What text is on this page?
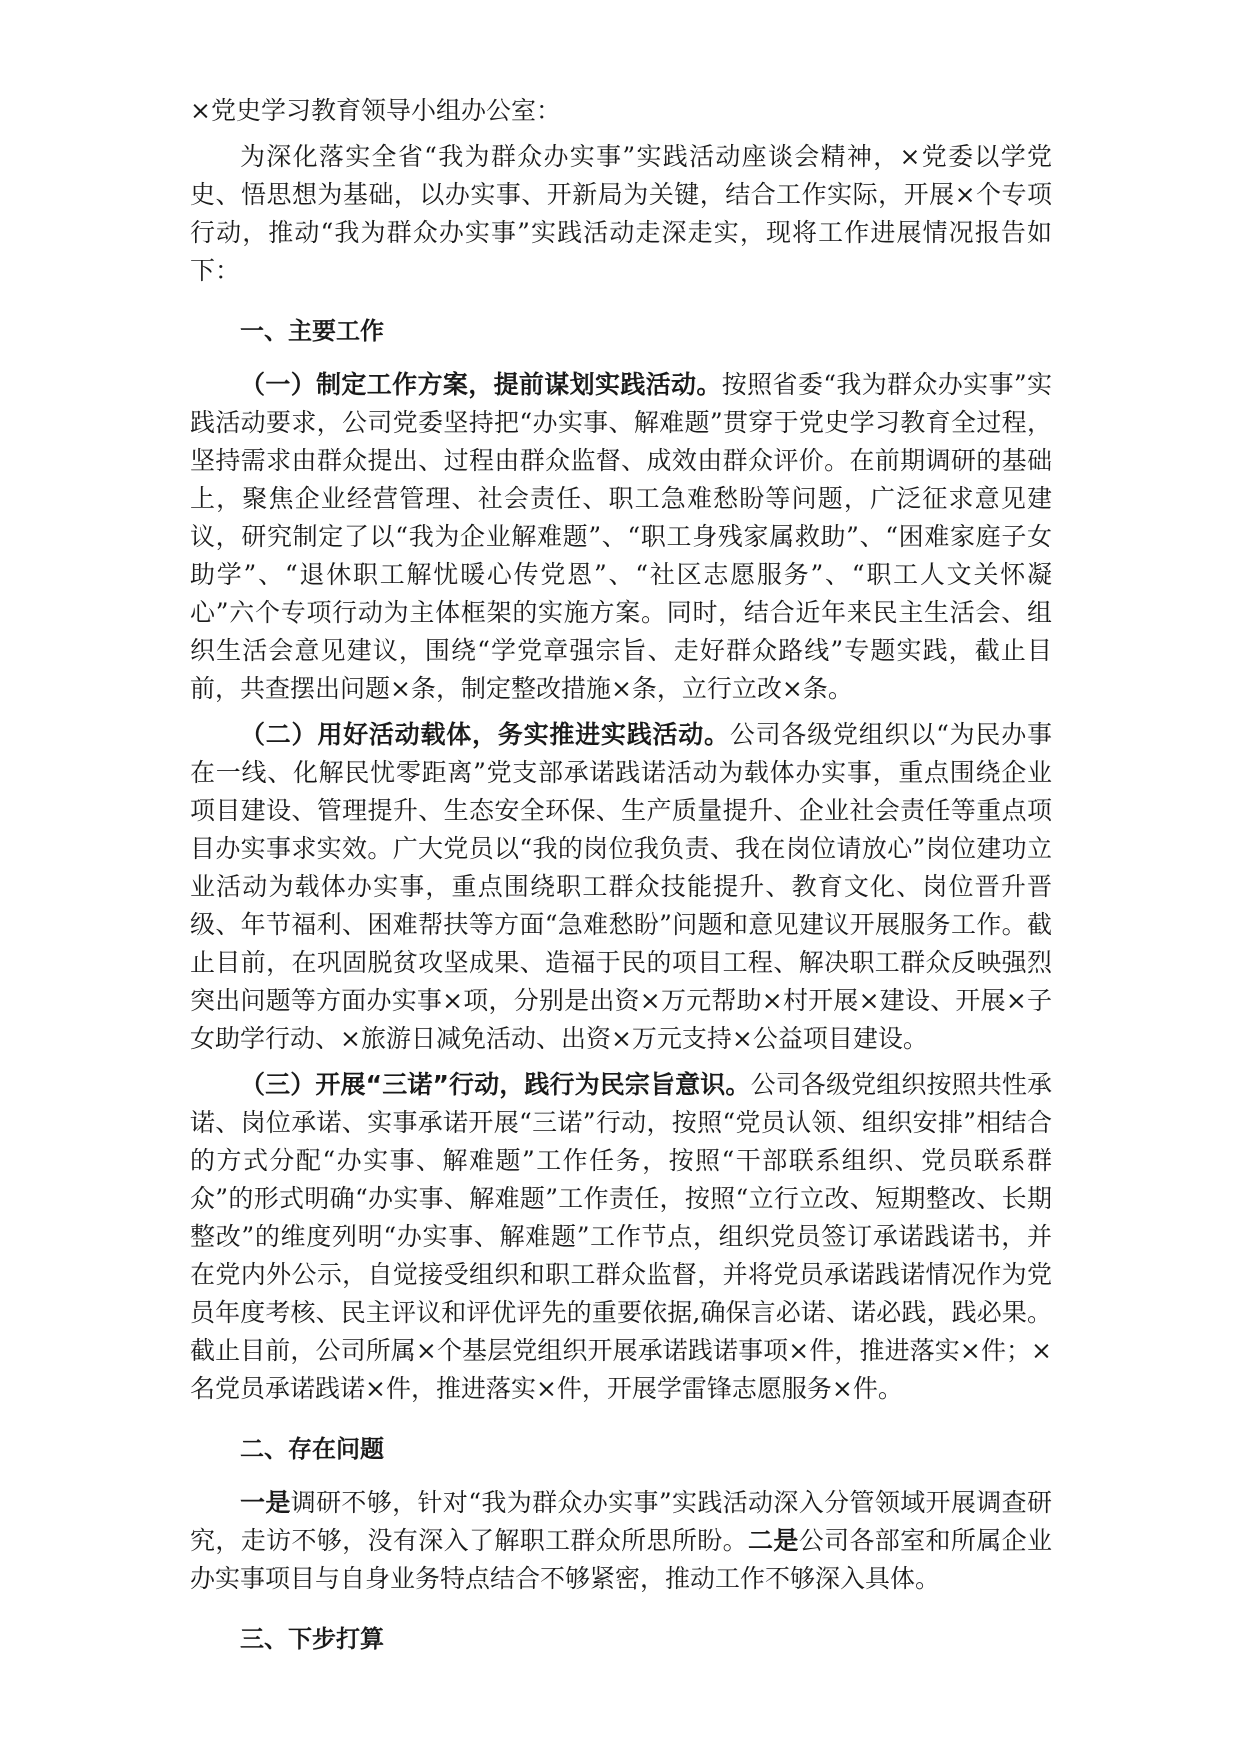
×党史学习教育领导小组办公室：

为深化落实全省“我为群众办实事”实践活动座谈会精神，×党委以学党史、悟思想为基础，以办实事、开新局为关键，结合工作实际，开展×个专项行动，推动“我为群众办实事”实践活动走深走实，现将工作进展情况报告如下：

一、主要工作

（一）制定工作方案，提前谋划实践活动。按照省委“我为群众办实事”实践活动要求，公司党委坚持把“办实事、解难题”贯穿于党史学习教育全过程，坚持需求由群众提出、过程由群众监督、成效由群众评价。在前期调研的基础上，聚焦企业经营管理、社会责任、职工急难愁盼等问题，广泛征求意见建议，研究制定了以“我为企业解难题”、“职工身残家属救助”、“困难家庭子女助学”、“退休职工解忧暖心传党恩”、“社区志愿服务”、“职工人文关怀凝心”六个专项行动为主体框架的实施方案。同时，结合近年来民主生活会、组织生活会意见建议，围绕“学党章强宗旨、走好群众路线”专题实践，截止目前，共查摆出问题×条，制定整改措施×条，立行立改×条。

（二）用好活动载体，务实推进实践活动。公司各级党组织以“为民办事在一线、化解民忧零距离”党支部承诺践诺活动为载体办实事，重点围绕企业项目建设、管理提升、生态安全环保、生产质量提升、企业社会责任等重点项目办实事求实效。广大党员以“我的岗位我负责、我在岗位请放心”岗位建功立业活动为载体办实事，重点围绕职工群众技能提升、教育文化、岗位晋升晋级、年节福利、困难帮扶等方面“急难愁盼”问题和意见建议开展服务工作。截止目前，在巩固脱贫攻坚成果、造福于民的项目工程、解决职工群众反映强烈突出问题等方面办实事×项，分别是出资×万元帮助×村开展×建设、开展×子女助学行动、×旅游日减免活动、出资×万元支持×公益项目建设。

（三）开展“三诺”行动，践行为民宗旨意识。公司各级党组织按照共性承诺、岗位承诺、实事承诺开展“三诺”行动，按照“党员认领、组织安排”相结合的方式分配“办实事、解难题”工作任务，按照“干部联系组织、党员联系群众”的形式明确“办实事、解难题”工作责任，按照“立行立改、短期整改、长期整改”的维度列明“办实事、解难题”工作节点，组织党员签订承诺践诺书，并在党内外公示，自觉接受组织和职工群众监督，并将党员承诺践诺情况作为党员年度考核、民主评议和评优评先的重要依据,确保言必诺、诺必践，践必果。截止目前，公司所属×个基层党组织开展承诺践诺事项×件，推进落实×件；×名党员承诺践诺×件，推进落实×件，开展学雷锋志愿服务×件。

二、存在问题

一是调研不够，针对“我为群众办实事”实践活动深入分管领域开展调查研究，走访不够，没有深入了解职工群众所思所盼。二是公司各部室和所属企业办实事项目与自身业务特点结合不够紧密，推动工作不够深入具体。

三、下步打算
